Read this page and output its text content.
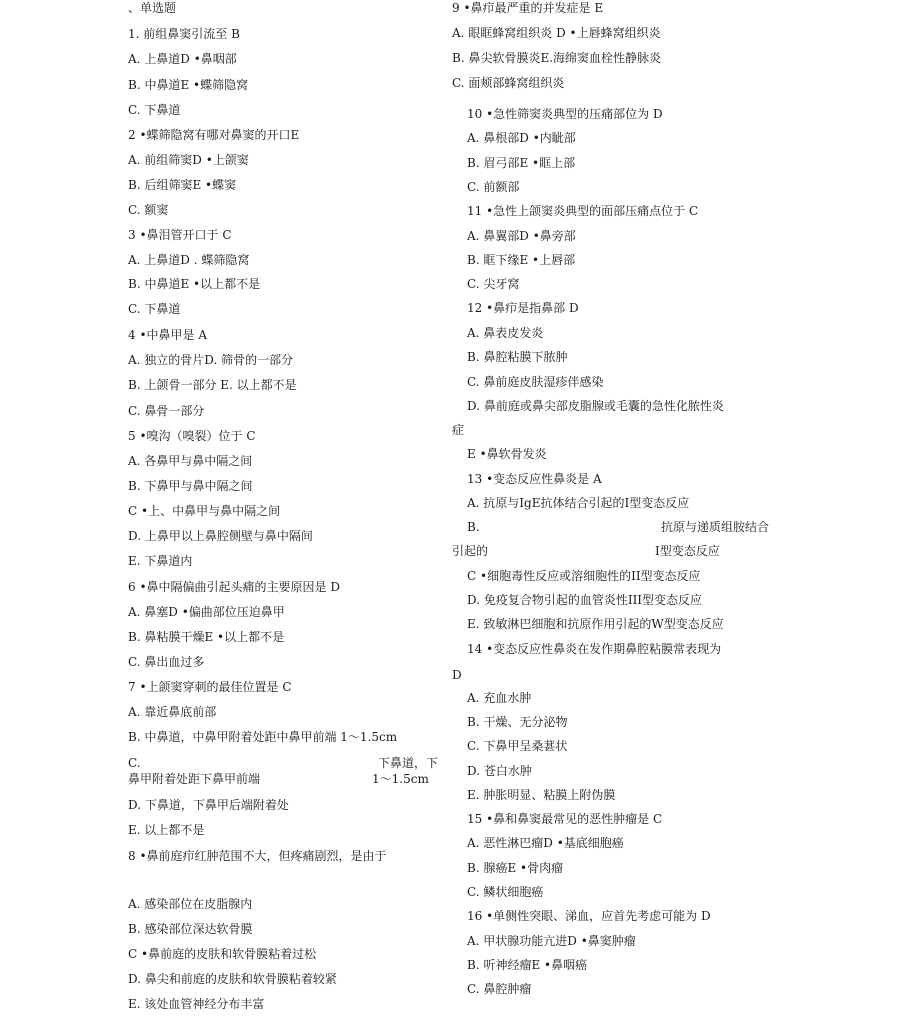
、单选题
1. 前组鼻窦引流至 B
A. 上鼻道D •鼻咽部
B. 中鼻道E •蝶筛隐窝
C. 下鼻道
2 •蝶筛隐窝有哪对鼻窦的开口E
A. 前组筛窦D •上颌窦
B. 后组筛窦E •蝶窦
C. 额窦
3 •鼻泪管开口于 C
A. 上鼻道D . 蝶筛隐窝
B. 中鼻道E •以上都不是
C. 下鼻道
4 •中鼻甲是 A
A. 独立的骨片D. 筛骨的一部分
B. 上颌骨一部分 E. 以上都不是
C. 鼻骨一部分
5 •嗅沟（嗅裂）位于 C
A. 各鼻甲与鼻中隔之间
B. 下鼻甲与鼻中隔之间
C •上、中鼻甲与鼻中隔之间
D. 上鼻甲以上鼻腔侧壁与鼻中隔间
E. 下鼻道内
6 •鼻中隔偏曲引起头痛的主要原因是 D
A. 鼻塞D •偏曲部位压迫鼻甲
B. 鼻粘膜干燥E •以上都不是
C. 鼻出血过多
7 •上颌窦穿刺的最佳位置是 C
A. 靠近鼻底前部
B. 中鼻道，中鼻甲附着处距中鼻甲前端 1～1.5cm
C.	下鼻道，下
鼻甲附着处距下鼻甲前端	1～1.5cm
D. 下鼻道，下鼻甲后端附着处
E. 以上都不是
8 •鼻前庭疖红肿范围不大，但疼痛剧烈，是由于
A. 感染部位在皮脂腺内
B. 感染部位深达软骨膜
C •鼻前庭的皮肤和软骨膜粘着过松
D. 鼻尖和前庭的皮肤和软骨膜粘着较紧
E. 该处血管神经分布丰富
9 •鼻疖最严重的并发症是 E
A. 眼眶蜂窝组织炎 D •上唇蜂窝组织炎
B. 鼻尖软骨膜炎E.海绵窦血栓性静脉炎
C. 面颊部蜂窝组织炎
10 •急性筛窦炎典型的压痛部位为 D
A. 鼻根部D •内眦部
B. 眉弓部E •眶上部
C. 前额部
11 •急性上颌窦炎典型的面部压痛点位于 C
A. 鼻翼部D •鼻旁部
B. 眶下缘E •上唇部
C. 尖牙窝
12 •鼻疖是指鼻部 D
A. 鼻表皮发炎
B. 鼻腔粘膜下脓肿
C. 鼻前庭皮肤湿疹伴感染
D. 鼻前庭或鼻尖部皮脂腺或毛囊的急性化脓性炎
症
E •鼻软骨发炎
13 •变态反应性鼻炎是 A
A. 抗原与IgE抗体结合引起的I型变态反应
B.	抗原与递质组胺结合
引起的	I型变态反应
C •细胞毒性反应或溶细胞性的II型变态反应
D. 免疫复合物引起的血管炎性III型变态反应
E. 致敏淋巴细胞和抗原作用引起的W型变态反应
14 •变态反应性鼻炎在发作期鼻腔粘膜常表现为
D
A. 充血水肿
B. 干燥、无分泌物
C. 下鼻甲呈桑葚状
D. 苍白水肿
E. 肿胀明显、粘膜上附伪膜
15 •鼻和鼻窦最常见的恶性肿瘤是 C
A. 恶性淋巴瘤D •基底细胞癌
B. 腺癌E •骨肉瘤
C. 鳞状细胞癌
16 •单侧性突眼、涕血，应首先考虑可能为 D
A. 甲状腺功能亢进D •鼻窦肿瘤
B. 听神经瘤E •鼻咽癌
C. 鼻腔肿瘤
